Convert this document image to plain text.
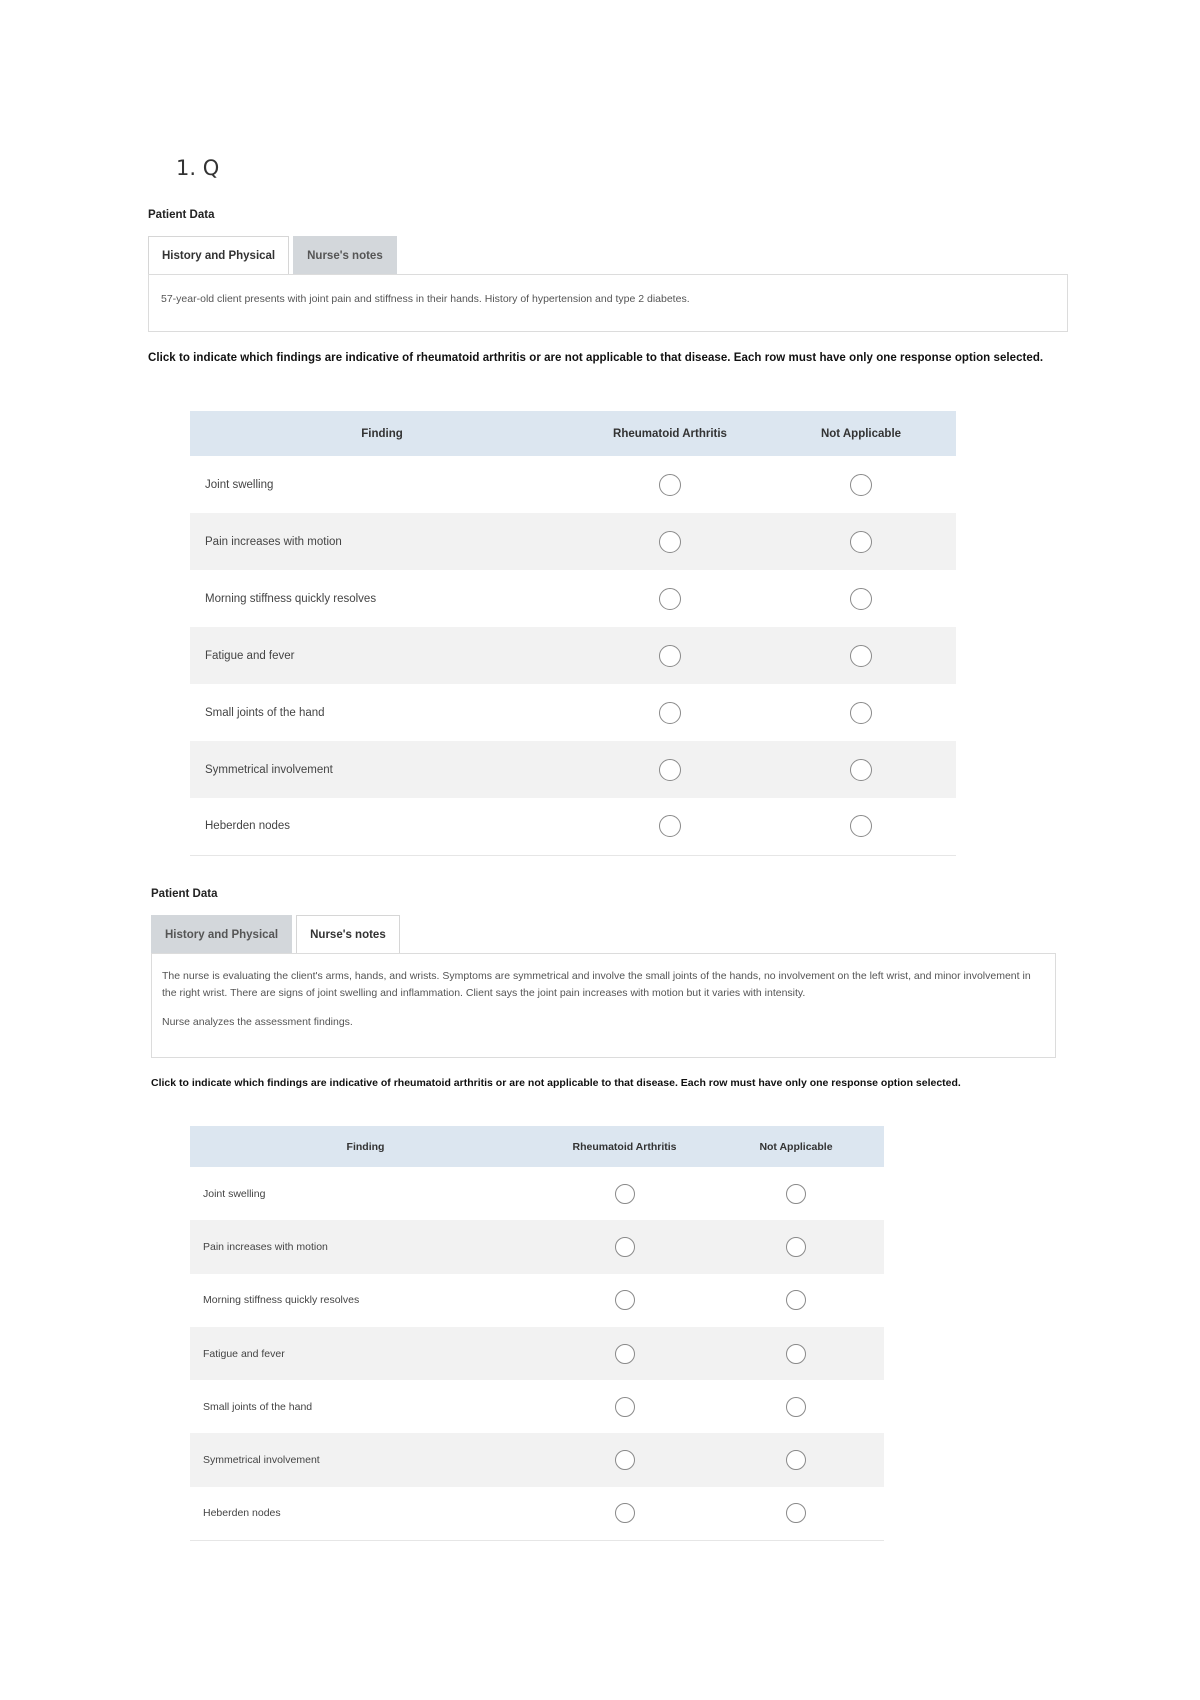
1. Q
Patient Data
History and Physical	Nurse's notes

57-year-old client presents with joint pain and stiffness in their hands. History of hypertension and type 2 diabetes.

Click to indicate which findings are indicative of rheumatoid arthritis or are not applicable to that disease. Each row must have only one response option selected.
Finding	Rheumatoid Arthritis	Not Applicable
Joint swelling		
Pain increases with motion		
Morning stiffness quickly resolves		
Fatigue and fever		
Small joints of the hand		
Symmetrical involvement		
Heberden nodes		
Patient Data
History and Physical	Nurse's notes

The nurse is evaluating the client's arms, hands, and wrists. Symptoms are symmetrical and involve the small joints of the hands, no involvement on the left wrist, and minor involvement in the right wrist. There are signs of joint swelling and inflammation. Client says the joint pain increases with motion but it varies with intensity.

Nurse analyzes the assessment findings.

Click to indicate which findings are indicative of rheumatoid arthritis or are not applicable to that disease. Each row must have only one response option selected.
Finding	Rheumatoid Arthritis	Not Applicable
Joint swelling		
Pain increases with motion		
Morning stiffness quickly resolves		
Fatigue and fever		
Small joints of the hand		
Symmetrical involvement		
Heberden nodes		
